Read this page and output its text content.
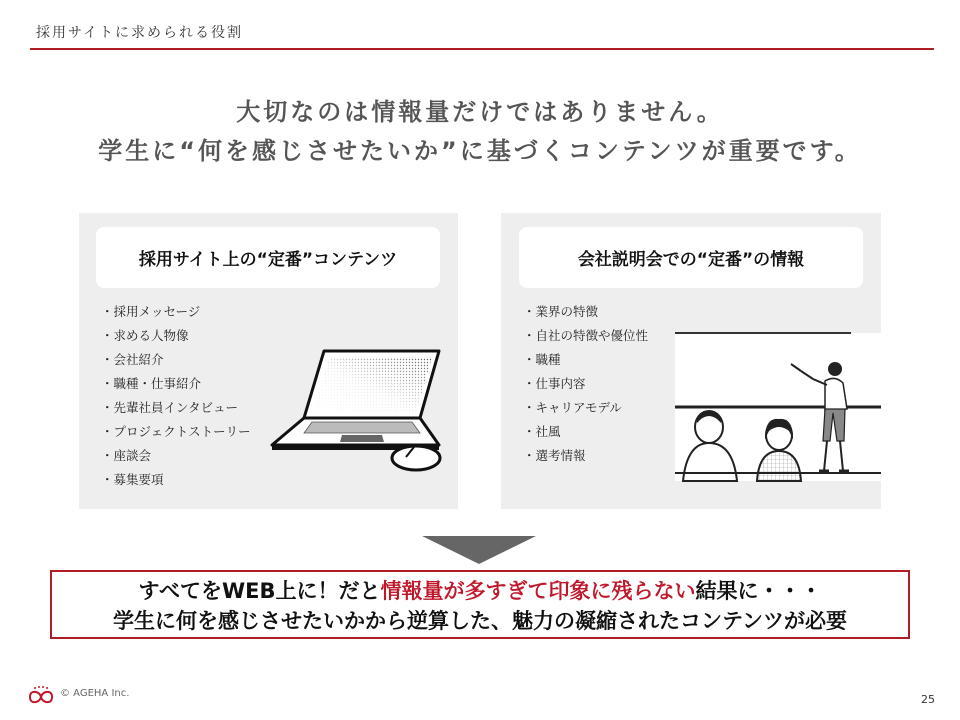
採用サイトに求められる役割
大切なのは情報量だけではありません。
学生に“何を感じさせたいか”に基づくコンテンツが重要です。
採用サイト上の“定番”コンテンツ
・ 採用メッセージ
・ 求める人物像
・ 会社紹介
・ 職種・仕事紹介
・ 先輩社員インタビュー
・ プロジェクトストーリー
・ 座談会
・ 募集要項
会社説明会での“定番”の情報
・ 業界の特徴
・ 自社の特徴や優位性
・ 職種
・ 仕事内容
・ キャリアモデル
・ 社風
・ 選考情報
すべてをWEB上に！だと情報量が多すぎて印象に残らない結果に・・・
学生に何を感じさせたいかから逆算した、魅力の凝縮されたコンテンツが必要
© AGEHA Inc.	25
